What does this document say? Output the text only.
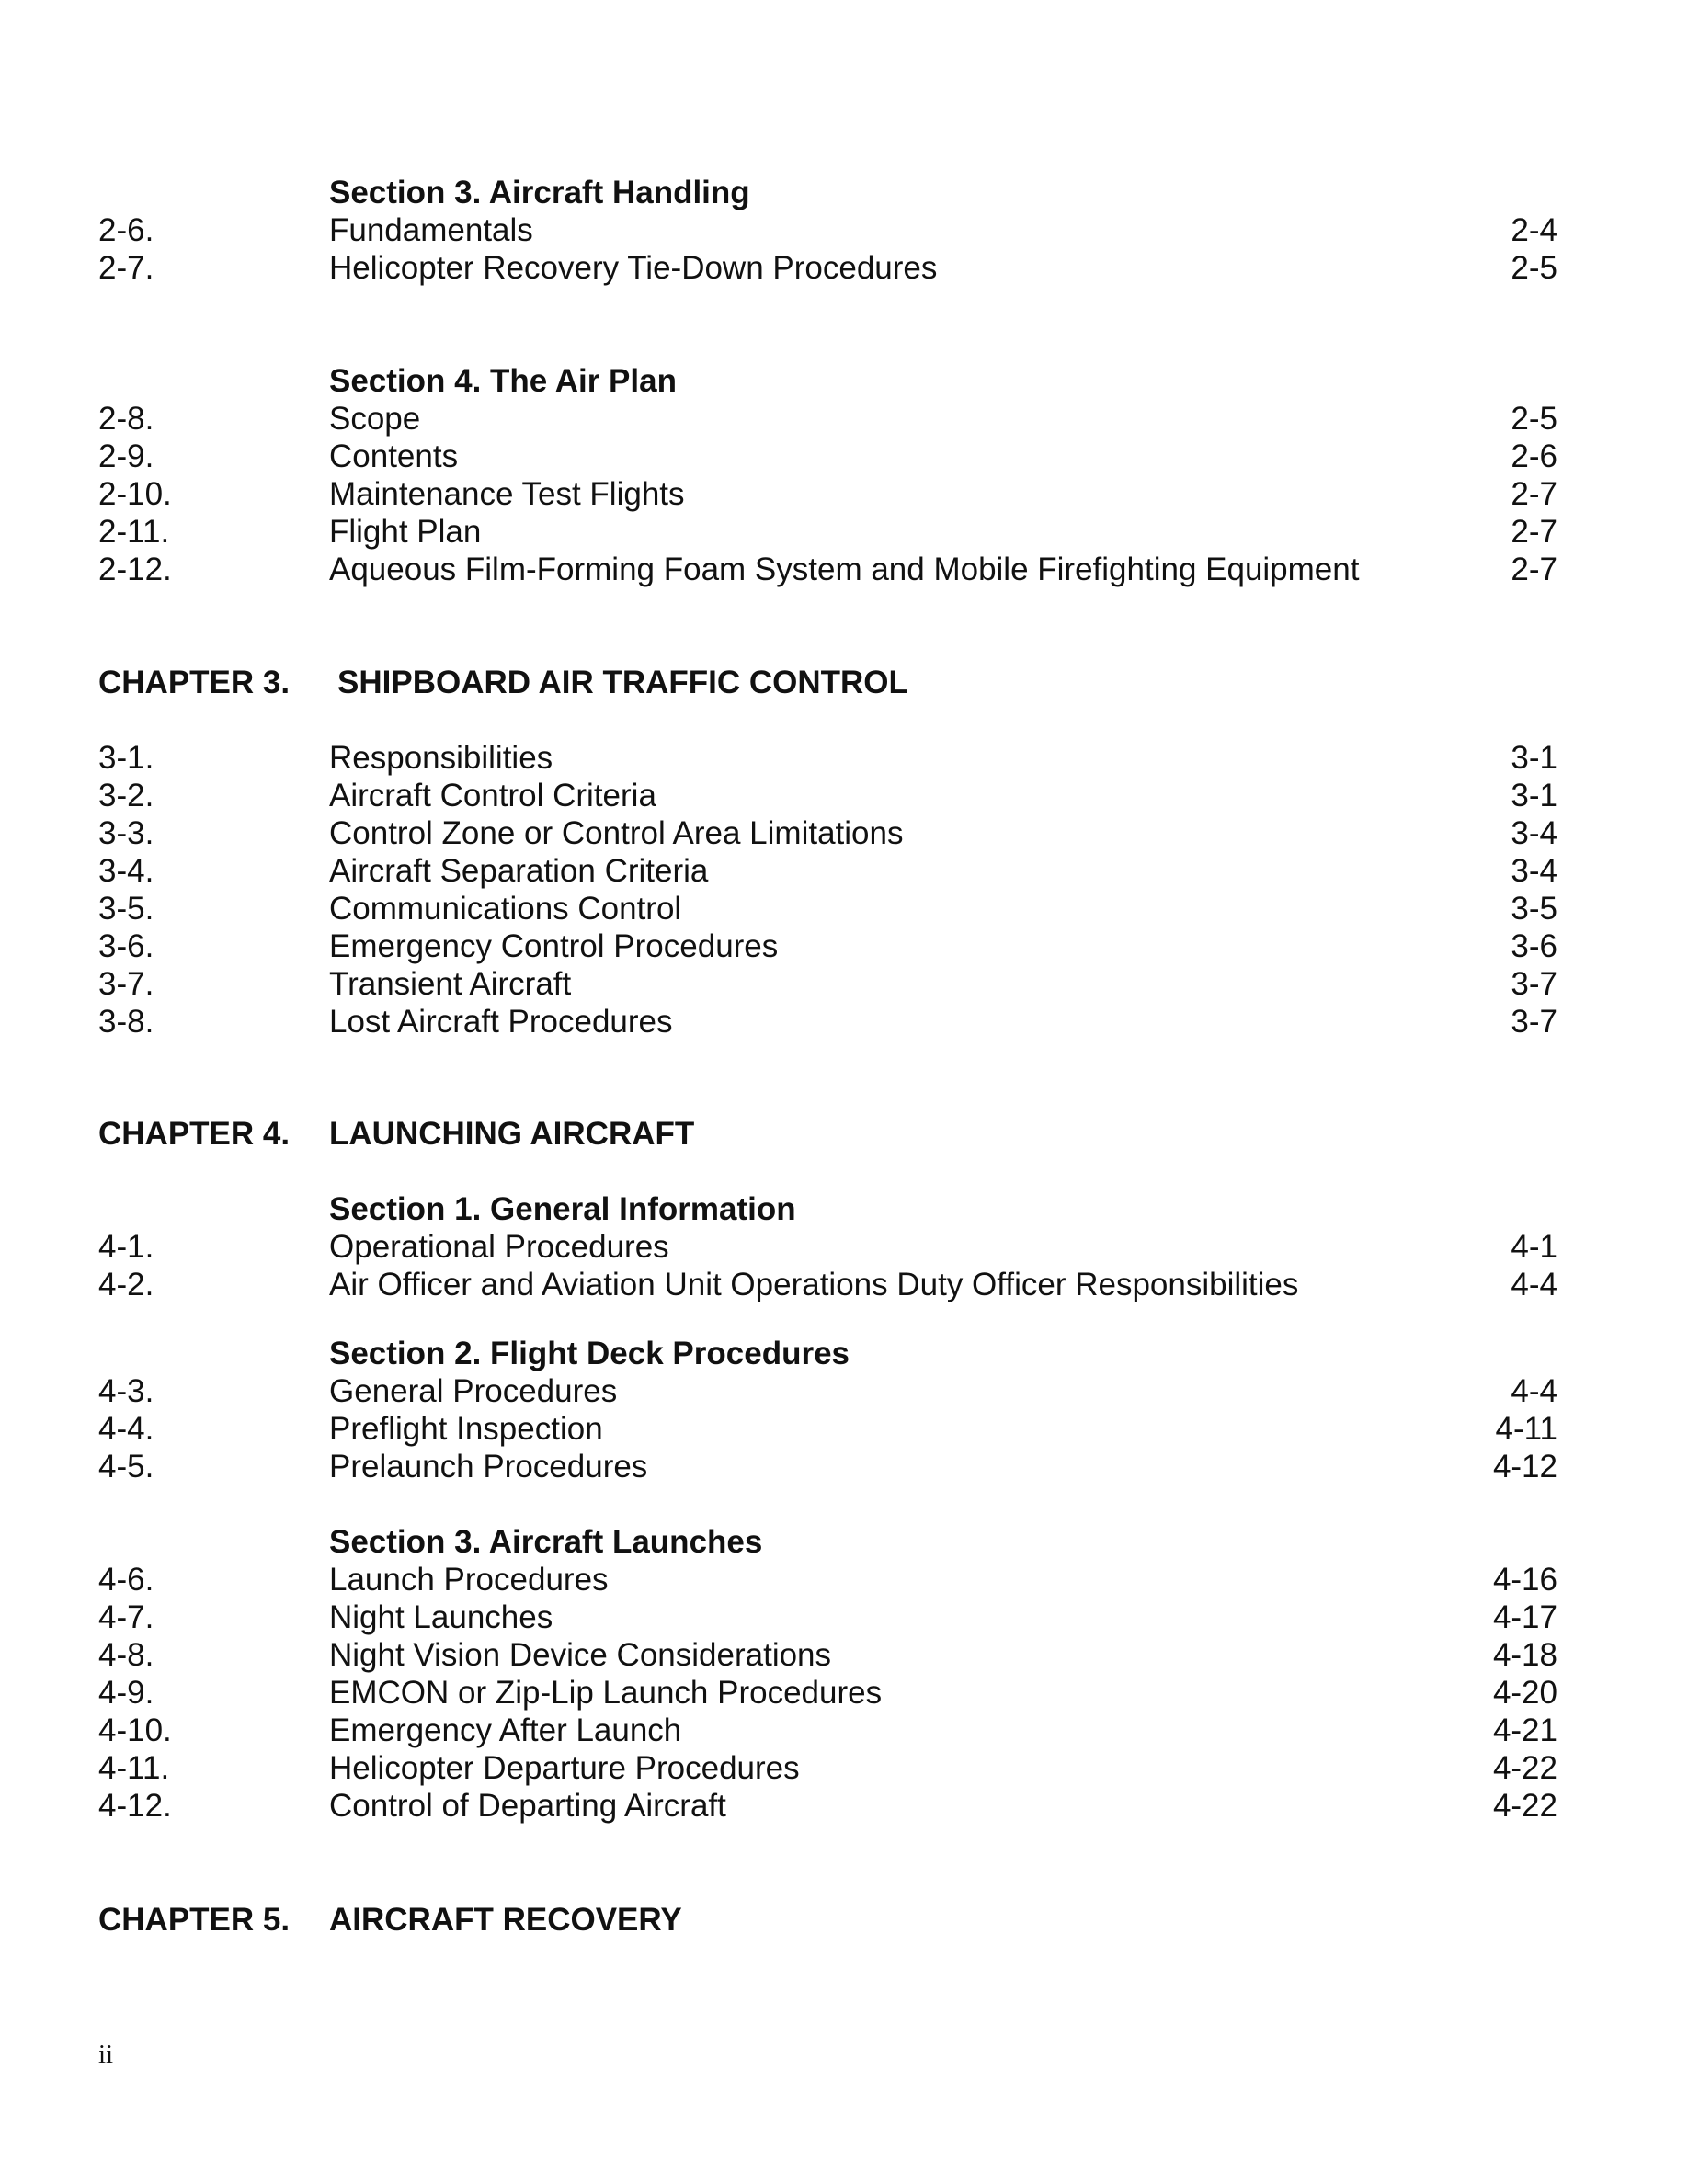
Section 3. Aircraft Handling
2-6.	Fundamentals	2-4
2-7.	Helicopter Recovery Tie-Down Procedures	2-5
Section 4. The Air Plan
2-8.	Scope	2-5
2-9.	Contents	2-6
2-10.	Maintenance Test Flights	2-7
2-11.	Flight Plan	2-7
2-12.	Aqueous Film-Forming Foam System and Mobile Firefighting Equipment	2-7
CHAPTER 3. SHIPBOARD AIR TRAFFIC CONTROL
3-1.	Responsibilities	3-1
3-2.	Aircraft Control Criteria	3-1
3-3.	Control Zone or Control Area Limitations	3-4
3-4.	Aircraft Separation Criteria	3-4
3-5.	Communications Control	3-5
3-6.	Emergency Control Procedures	3-6
3-7.	Transient Aircraft	3-7
3-8.	Lost Aircraft Procedures	3-7
CHAPTER 4. LAUNCHING AIRCRAFT
Section 1. General Information
4-1.	Operational Procedures	4-1
4-2.	Air Officer and Aviation Unit Operations Duty Officer Responsibilities	4-4
Section 2. Flight Deck Procedures
4-3.	General Procedures	4-4
4-4.	Preflight Inspection	4-11
4-5.	Prelaunch Procedures	4-12
Section 3. Aircraft Launches
4-6.	Launch Procedures	4-16
4-7.	Night Launches	4-17
4-8.	Night Vision Device Considerations	4-18
4-9.	EMCON or Zip-Lip Launch Procedures	4-20
4-10.	Emergency After Launch	4-21
4-11.	Helicopter Departure Procedures	4-22
4-12.	Control of Departing Aircraft	4-22
CHAPTER 5. AIRCRAFT RECOVERY
ii
